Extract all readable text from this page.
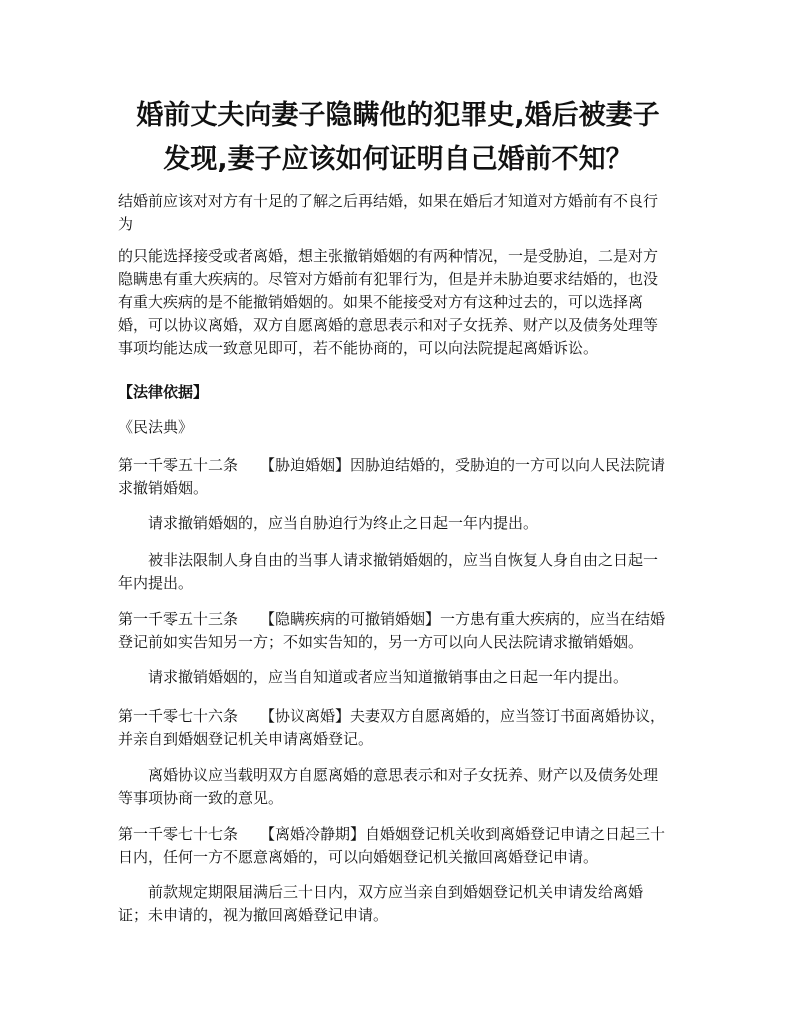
婚前丈夫向妻子隐瞒他的犯罪史,婚后被妻子
发现,妻子应该如何证明自己婚前不知？

结婚前应该对对方有十足的了解之后再结婚，如果在婚后才知道对方婚前有不良行
为

的只能选择接受或者离婚，想主张撤销婚姻的有两种情况，一是受胁迫，二是对方
隐瞒患有重大疾病的。尽管对方婚前有犯罪行为，但是并未胁迫要求结婚的，也没
有重大疾病的是不能撤销婚姻的。如果不能接受对方有这种过去的，可以选择离
婚，可以协议离婚，双方自愿离婚的意思表示和对子女抚养、财产以及债务处理等
事项均能达成一致意见即可，若不能协商的，可以向法院提起离婚诉讼。

【法律依据】

《民法典》

第一千零五十二条 【胁迫婚姻】因胁迫结婚的，受胁迫的一方可以向人民法院请
求撤销婚姻。

请求撤销婚姻的，应当自胁迫行为终止之日起一年内提出。

被非法限制人身自由的当事人请求撤销婚姻的，应当自恢复人身自由之日起一
年内提出。

第一千零五十三条 【隐瞒疾病的可撤销婚姻】一方患有重大疾病的，应当在结婚
登记前如实告知另一方；不如实告知的，另一方可以向人民法院请求撤销婚姻。

请求撤销婚姻的，应当自知道或者应当知道撤销事由之日起一年内提出。

第一千零七十六条 【协议离婚】夫妻双方自愿离婚的，应当签订书面离婚协议，
并亲自到婚姻登记机关申请离婚登记。

离婚协议应当载明双方自愿离婚的意思表示和对子女抚养、财产以及债务处理
等事项协商一致的意见。

第一千零七十七条 【离婚冷静期】自婚姻登记机关收到离婚登记申请之日起三十
日内，任何一方不愿意离婚的，可以向婚姻登记机关撤回离婚登记申请。

前款规定期限届满后三十日内，双方应当亲自到婚姻登记机关申请发给离婚
证；未申请的，视为撤回离婚登记申请。
